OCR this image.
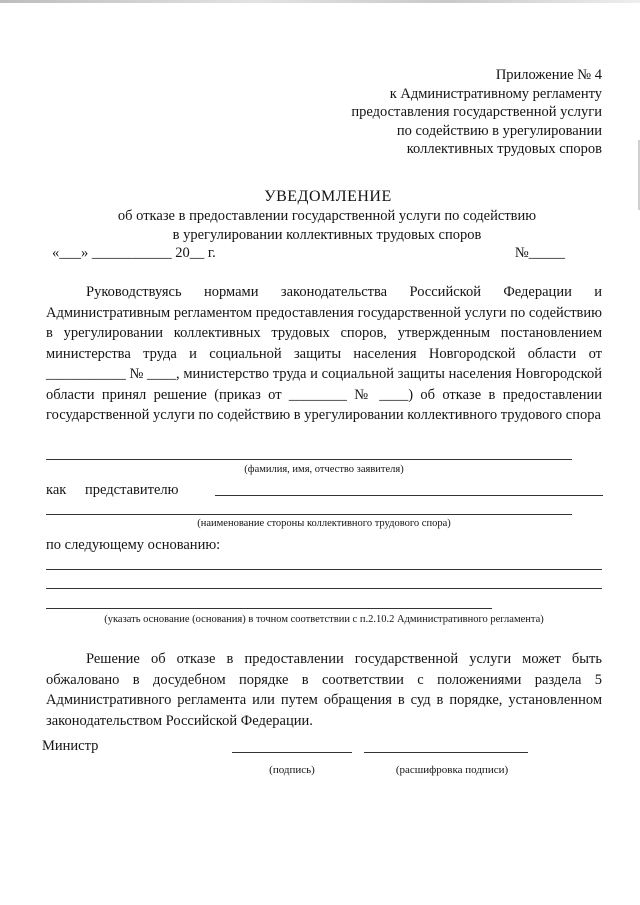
Приложение № 4
к Административному регламенту
предоставления государственной услуги
по содействию в урегулировании
коллективных трудовых споров
УВЕДОМЛЕНИЕ
об отказе в предоставлении государственной услуги по содействию
в урегулировании коллективных трудовых споров
«___» ___________ 20__ г.	№_____
Руководствуясь нормами законодательства Российской Федерации и Административным регламентом предоставления государственной услуги по содействию в урегулировании коллективных трудовых споров, утвержденным постановлением министерства труда и социальной защиты населения Новгородской области от ___________ № ____, министерство труда и социальной защиты населения Новгородской области принял решение (приказ от ________ № ____) об отказе в предоставлении государственной услуги по содействию в урегулировании коллективного трудового спора
(фамилия, имя, отчество заявителя)
как представителю
(наименование стороны коллективного трудового спора)
по следующему основанию:
(указать основание (основания) в точном соответствии с п.2.10.2 Административного регламента)
Решение об отказе в предоставлении государственной услуги может быть обжаловано в досудебном порядке в соответствии с положениями раздела 5 Административного регламента или путем обращения в суд в порядке, установленном законодательством Российской Федерации.
Министр
(подпись)	(расшифровка подписи)
